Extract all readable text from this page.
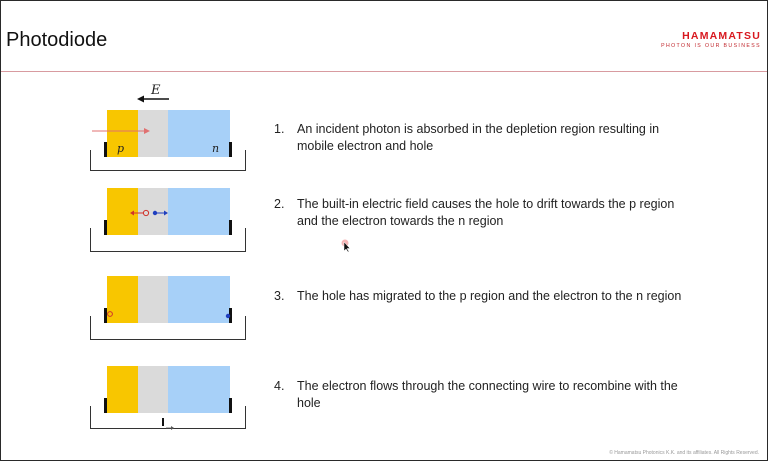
Photodiode	HAMAMATSU
PHOTON IS OUR BUSINESS
E
p	n
1. An incident photon is absorbed in the depletion region resulting in mobile electron and hole
2. The built-in electric field causes the hole to drift towards the p region and the electron towards the n region
3. The hole has migrated to the p region and the electron to the n region
4. The electron flows through the connecting wire to recombine with the hole
© Hamamatsu Photonics K.K. and its affiliates. All Rights Reserved.
